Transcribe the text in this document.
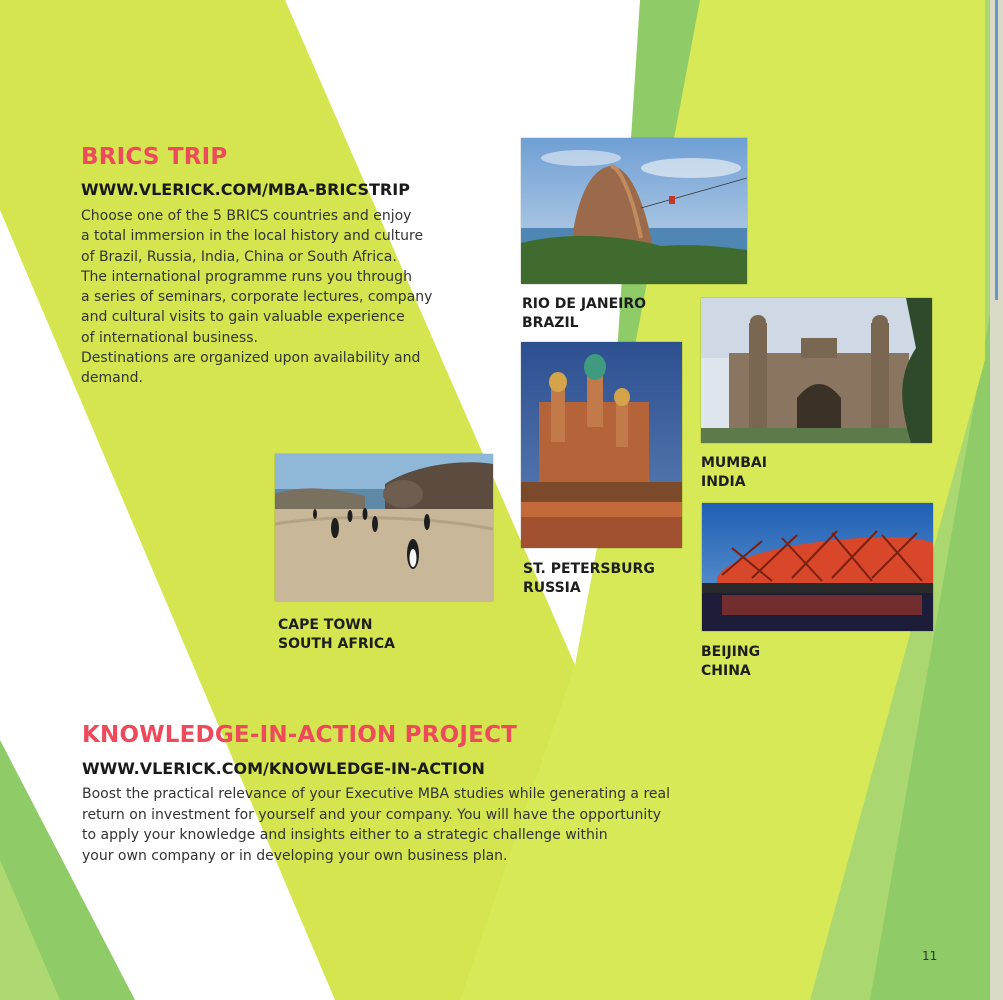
BRICS TRIP
WWW.VLERICK.COM/MBA-BRICSTRIP
Choose one of the 5 BRICS countries and enjoy
a total immersion in the local history and culture
of Brazil, Russia, India, China or South Africa.
The international programme runs you through
a series of seminars, corporate lectures, company
and cultural visits to gain valuable experience
of international business.
Destinations are organized upon availability and
demand.
RIO DE JANEIRO
BRAZIL
MUMBAI
INDIA
ST. PETERSBURG
RUSSIA
CAPE TOWN
SOUTH AFRICA	BEIJING
CHINA
KNOWLEDGE-IN-ACTION PROJECT
WWW.VLERICK.COM/KNOWLEDGE-IN-ACTION
Boost the practical relevance of your Executive MBA studies while generating a real
return on investment for yourself and your company. You will have the opportunity
to apply your knowledge and insights either to a strategic challenge within
your own company or in developing your own business plan.
11
